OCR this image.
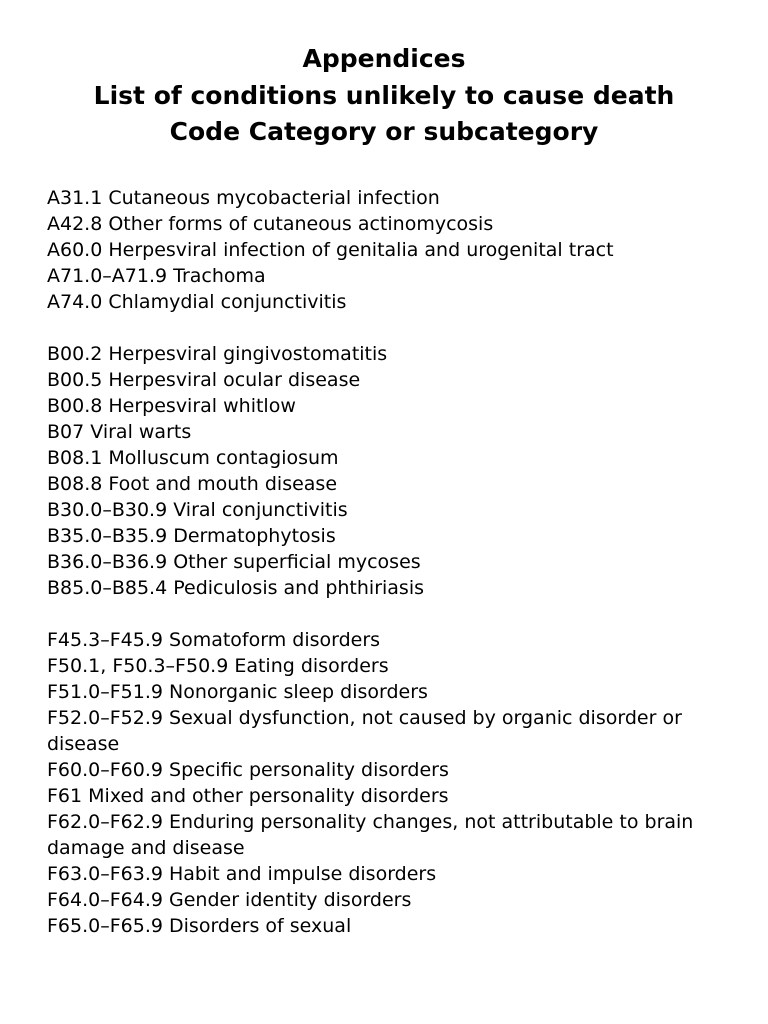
Appendices
List of conditions unlikely to cause death
Code Category or subcategory
A31.1 Cutaneous mycobacterial infection
A42.8 Other forms of cutaneous actinomycosis
A60.0 Herpesviral infection of genitalia and urogenital tract
A71.0–A71.9 Trachoma
A74.0 Chlamydial conjunctivitis
B00.2 Herpesviral gingivostomatitis
B00.5 Herpesviral ocular disease
B00.8 Herpesviral whitlow
B07 Viral warts
B08.1 Molluscum contagiosum
B08.8 Foot and mouth disease
B30.0–B30.9 Viral conjunctivitis
B35.0–B35.9 Dermatophytosis
B36.0–B36.9 Other superficial mycoses
B85.0–B85.4 Pediculosis and phthiriasis
F45.3–F45.9 Somatoform disorders
F50.1, F50.3–F50.9 Eating disorders
F51.0–F51.9 Nonorganic sleep disorders
F52.0–F52.9 Sexual dysfunction, not caused by organic disorder or disease
F60.0–F60.9 Specific personality disorders
F61 Mixed and other personality disorders
F62.0–F62.9 Enduring personality changes, not attributable to brain damage and disease
F63.0–F63.9 Habit and impulse disorders
F64.0–F64.9 Gender identity disorders
F65.0–F65.9 Disorders of sexual
